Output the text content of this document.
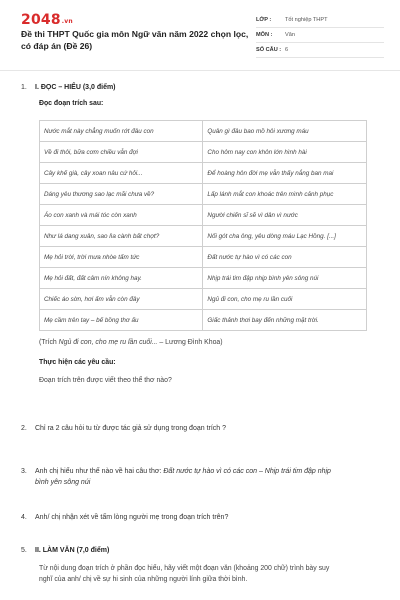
2048.vn
Đề thi THPT Quốc gia môn Ngữ văn năm 2022 chọn lọc, có đáp án (Đề 26)
LỚP :	Tốt nghiệp THPT
MÔN :	Văn
SỐ CÂU : 6
1.	I. ĐỌC – HIỂU (3,0 điểm)
Đọc đoạn trích sau:
Nước mắt này chẳng muốn rớt đâu con	Quân gì đâu bao mồ hôi xương máu
Về đi thôi, bữa cơm chiều vẫn đợi	Cho hôm nay con khôn lớn hình hài
Cây khế già, cây xoan nâu cứ hỏi...	Để hoàng hôn đời mẹ vẫn thấy nắng ban mai
Dáng yêu thương sao lạc mãi chưa về?	Lấp lánh mắt con khoác trên mình cảnh phục
Áo con xanh và mái tóc còn xanh	Người chiến sĩ sẽ vì dân vì nước
Như lá dang xuân, sao lìa cành bất chợt?	Nối gót cha ông, yêu dòng máu Lạc Hồng. [...]
Mẹ hỏi trời, trời mưa nhòe tấm tức	Đất nước tự hào vì có các con
Mẹ hỏi đất, đất câm nín không hay.	Nhịp trái tim đập nhịp bình yên sông núi
Chiếc áo sờn, hơi ấm vẫn còn đây	Ngủ đi con, cho mẹ ru lần cuối
Mẹ cầm trên tay – bế bồng thơ ấu	Giấc thảnh thơi bay đến những mặt trời.
(Trích Ngủ đi con, cho mẹ ru lần cuối... – Lương Đình Khoa)
Thực hiện các yêu cầu:
Đoạn trích trên được viết theo thể thơ nào?
2.	Chỉ ra 2 câu hỏi tu từ được tác giả sử dụng trong đoạn trích ?
3.	Anh chị hiểu như thế nào về hai câu thơ: Đất nước tự hào vì có các con – Nhịp trái tim đập nhịp
bình yên sông núi
4.	Anh/ chị nhận xét về tấm lòng người mẹ trong đoạn trích trên?
5.	II. LÀM VĂN (7,0 điểm)
Từ nội dung đoạn trích ở phần đọc hiểu, hãy viết một đoạn văn (khoảng 200 chữ) trình bày suy
nghĩ của anh/ chị về sự hi sinh của những người lính giữa thời bình.
